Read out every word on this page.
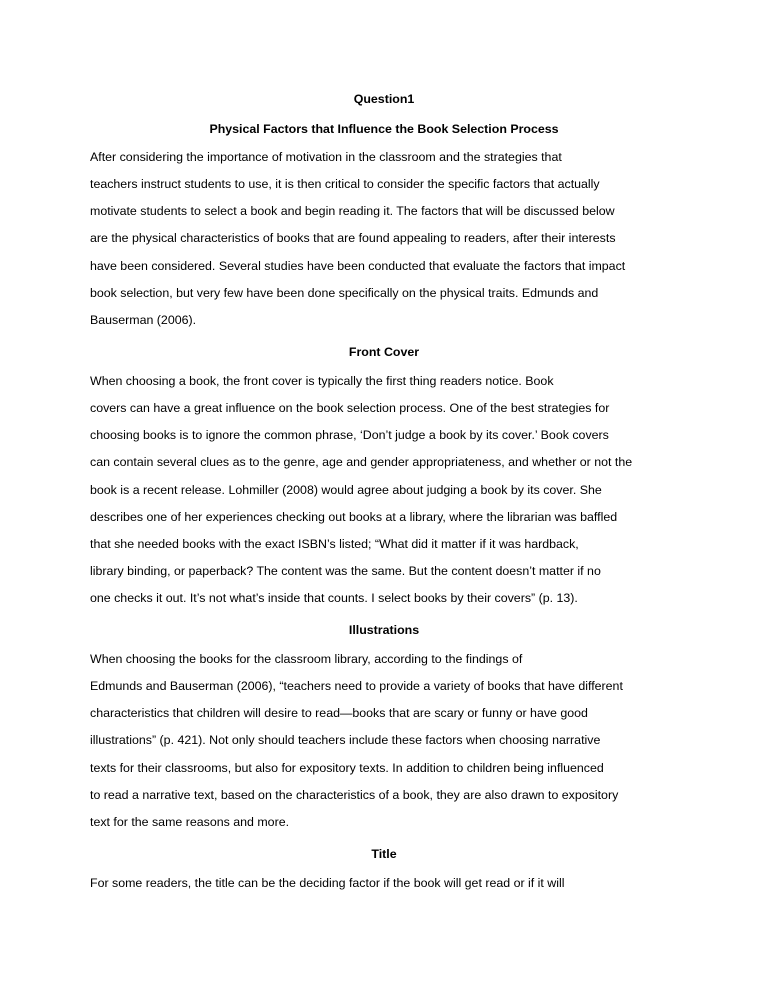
Question1
Physical Factors that Influence the Book Selection Process
After considering the importance of motivation in the classroom and the strategies that
teachers instruct students to use, it is then critical to consider the specific factors that actually
motivate students to select a book and begin reading it. The factors that will be discussed below
are the physical characteristics of books that are found appealing to readers, after their interests
have been considered. Several studies have been conducted that evaluate the factors that impact
book selection, but very few have been done specifically on the physical traits. Edmunds and
Bauserman (2006).
Front Cover
When choosing a book, the front cover is typically the first thing readers notice. Book
covers can have a great influence on the book selection process. One of the best strategies for
choosing books is to ignore the common phrase, ‘Don’t judge a book by its cover.’ Book covers
can contain several clues as to the genre, age and gender appropriateness, and whether or not the
book is a recent release. Lohmiller (2008) would agree about judging a book by its cover. She
describes one of her experiences checking out books at a library, where the librarian was baffled
that she needed books with the exact ISBN’s listed; “What did it matter if it was hardback,
library binding, or paperback? The content was the same. But the content doesn’t matter if no
one checks it out. It’s not what’s inside that counts. I select books by their covers” (p. 13).
Illustrations
When choosing the books for the classroom library, according to the findings of
Edmunds and Bauserman (2006), “teachers need to provide a variety of books that have different
characteristics that children will desire to read—books that are scary or funny or have good
illustrations” (p. 421). Not only should teachers include these factors when choosing narrative
texts for their classrooms, but also for expository texts. In addition to children being influenced
to read a narrative text, based on the characteristics of a book, they are also drawn to expository
text for the same reasons and more.
Title
For some readers, the title can be the deciding factor if the book will get read or if it will
